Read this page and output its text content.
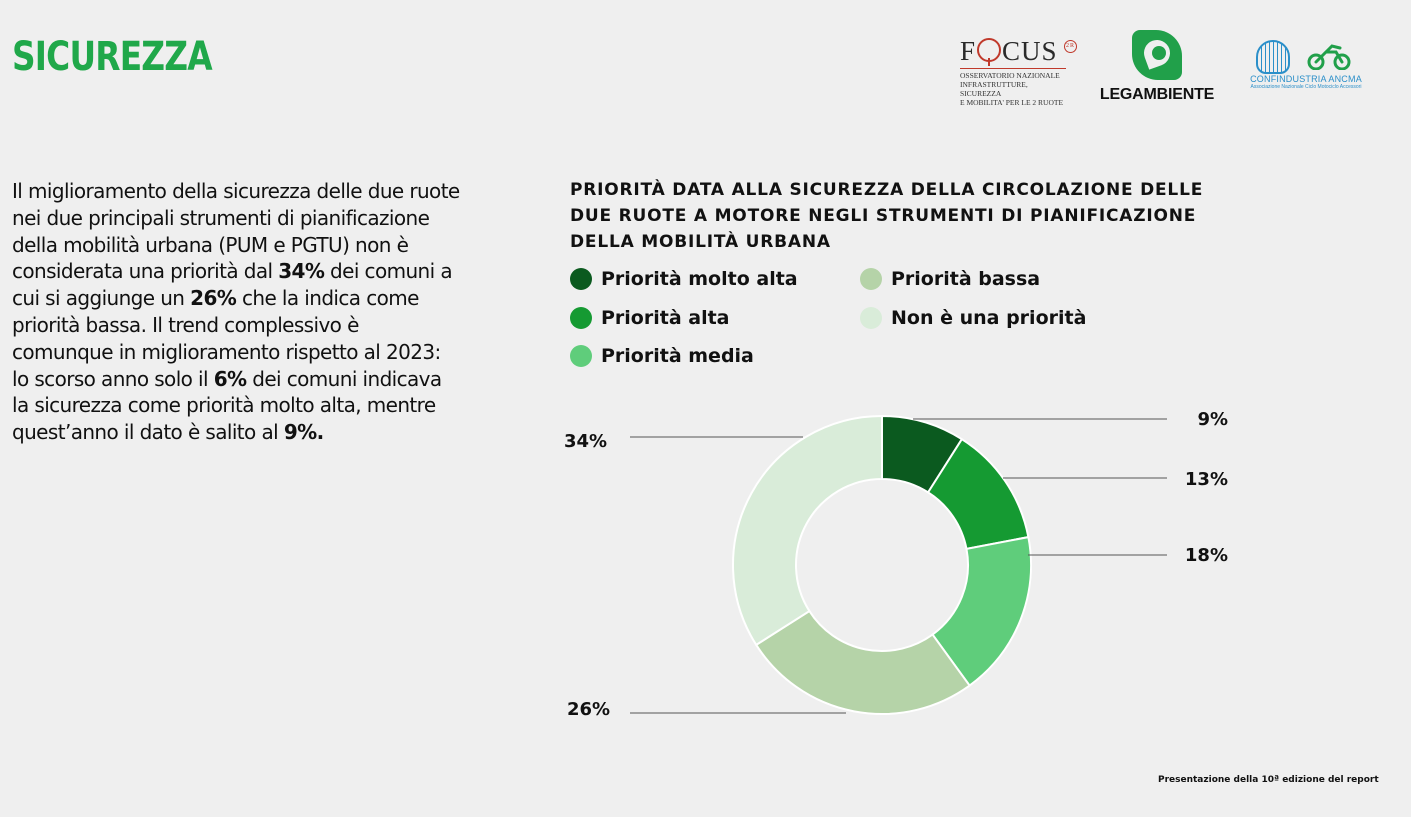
SICUREZZA	F CUS	2R
OSSERVATORIO NAZIONALE
INFRASTRUTTURE, SICUREZZA
E MOBILITA' PER LE 2 RUOTE LEGAMBIENTE
CONFINDUSTRIA ANCMA
Associazione Nazionale Ciclo Motociclo Accessori
Il miglioramento della sicurezza delle due ruote nei due principali strumenti di pianificazione della mobilità urbana (PUM e PGTU) non è considerata una priorità dal 34% dei comuni a cui si aggiunge un 26% che la indica come priorità bassa. Il trend complessivo è comunque in miglioramento rispetto al 2023: lo scorso anno solo il 6% dei comuni indicava la sicurezza come priorità molto alta, mentre quest’anno il dato è salito al 9%.
PRIORITÀ DATA ALLA SICUREZZA DELLA CIRCOLAZIONE DELLE DUE RUOTE A MOTORE NEGLI STRUMENTI DI PIANIFICAZIONE DELLA MOBILITÀ URBANA
Priorità molto alta
Priorità alta
Priorità media
Priorità bassa
Non è una priorità
9%
13%
18%
26%
34%
Presentazione della 10ª edizione del report
